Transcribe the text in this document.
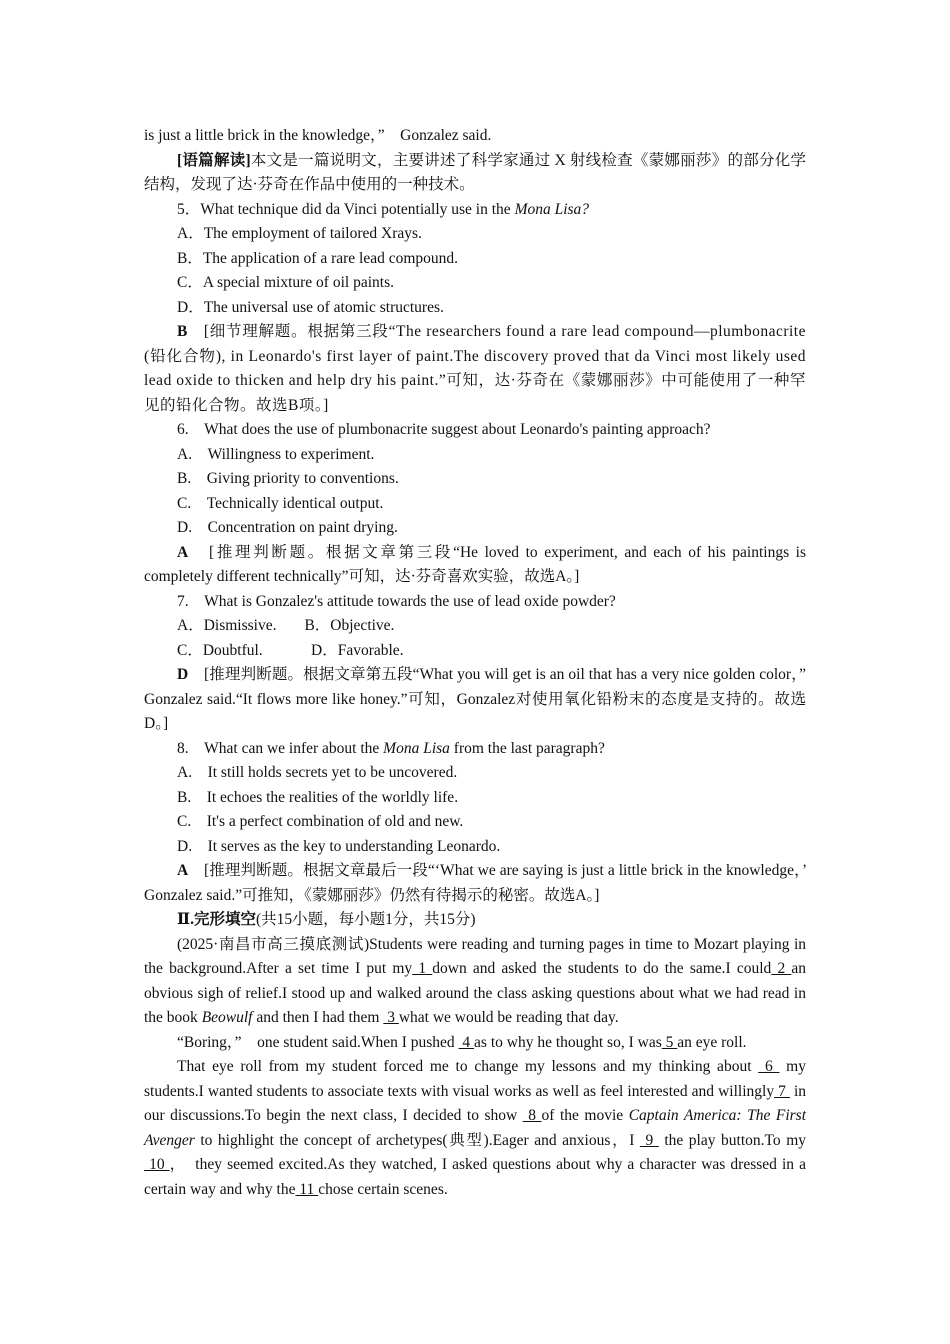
is just a little brick in the knowledge，”　Gonzalez said.

[语篇解读]本文是一篇说明文，主要讲述了科学家通过 X 射线检查《蒙娜丽莎》的部分化学结构，发现了达·芬奇在作品中使用的一种技术。

5．What technique did da Vinci potentially use in the Mona Lisa?

A．The employment of tailored Xrays.

B．The application of a rare lead compound.

C．A special mixture of oil paints.

D．The universal use of atomic structures.

B　[细节理解题。根据第三段“The researchers found a rare lead compound—plumbonacrite (铅化合物), in Leonardo's first layer of paint.The discovery proved that da Vinci most likely used lead oxide to thicken and help dry his paint.”可知，达·芬奇在《蒙娜丽莎》中可能使用了一种罕见的铅化合物。故选B项。]

6.　What does the use of plumbonacrite suggest about Leonardo's painting approach?

A.　Willingness to experiment.

B.　Giving priority to conventions.

C.　Technically identical output.

D.　Concentration on paint drying.

A　[推理判断题。根据文章第三段“He loved to experiment, and each of his paintings is completely different technically”可知，达·芬奇喜欢实验，故选A。]

7.　What is Gonzalez's attitude towards the use of lead oxide powder?

A．Dismissive. B．Objective.
C．Doubtful.	D．Favorable.

D　[推理判断题。根据文章第五段“What you will get is an oil that has a very nice golden color，”　Gonzalez said.“It flows more like honey.”可知，Gonzalez对使用氧化铅粉末的态度是支持的。故选D。]

8.　What can we infer about the Mona Lisa from the last paragraph?

A.　It still holds secrets yet to be uncovered.

B.　It echoes the realities of the worldly life.

C.　It's a perfect combination of old and new.

D.　It serves as the key to understanding Leonardo.

A　[推理判断题。根据文章最后一段“‘What we are saying is just a little brick in the knowledge，’　Gonzalez said.”可推知，《蒙娜丽莎》仍然有待揭示的秘密。故选A。]

Ⅱ.完形填空(共15小题，每小题1分，共15分)

(2025·南昌市高三摸底测试)Students were reading and turning pages in time to Mozart playing in the background.After a set time I put my 1 down and asked the students to do the same.I could 2 an obvious sigh of relief.I stood up and walked around the class asking questions about what we had read in the book Beowulf and then I had them  3 what we would be reading that day.

“Boring，”　one student said.When I pushed  4 as to why he thought so, I was 5 an eye roll.

That eye roll from my student forced me to change my lessons and my thinking about  6  my students.I wanted students to associate texts with visual works as well as feel interested and willingly 7  in our discussions.To begin the next class, I decided to show  8 of the movie Captain America: The First Avenger to highlight the concept of archetypes(典型).Eager and anxious，I  9  the play button.To my  10 ，　they seemed excited.As they watched, I asked questions about why a character was dressed in a certain way and why the 11 chose certain scenes.
